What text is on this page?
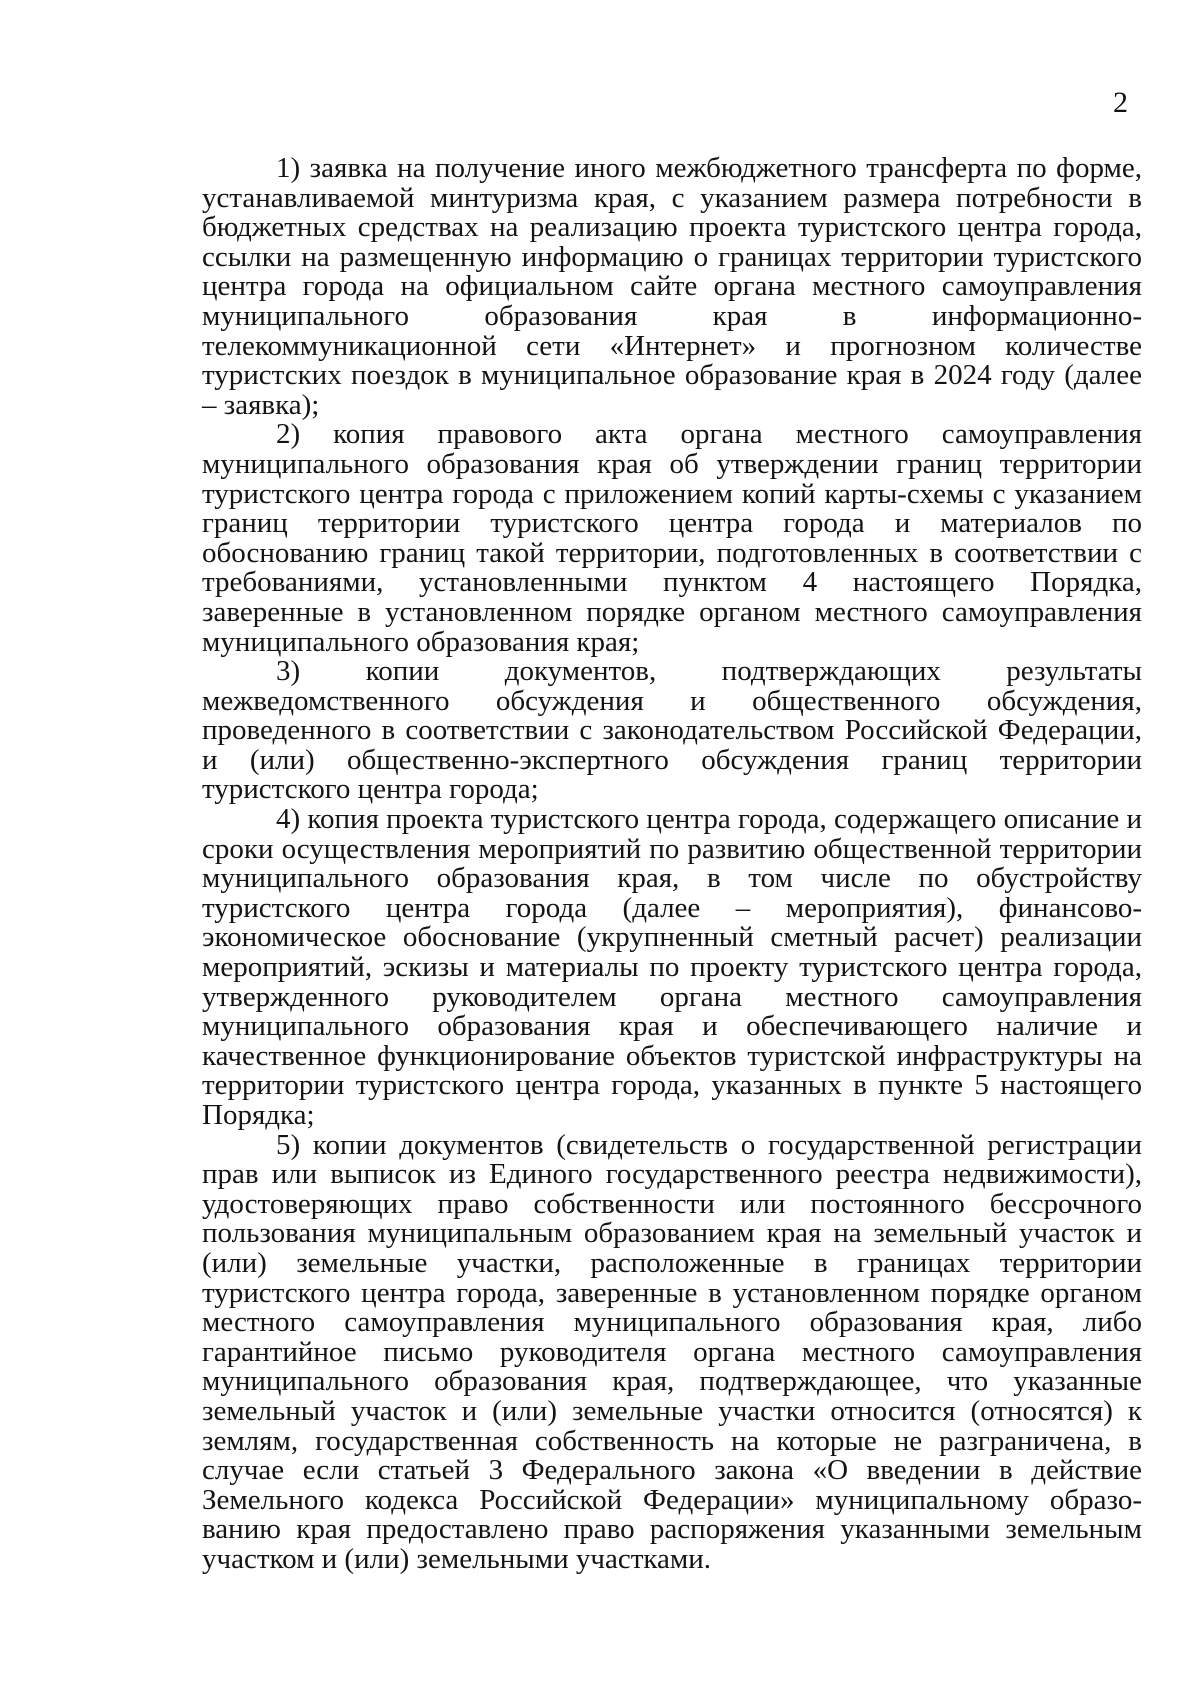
2

1) заявка на получение иного межбюджетного трансферта по форме, устанавливаемой минтуризма края, с указанием размера потребности в бюджетных средствах на реализацию проекта туристского центра города, ссылки на размещенную информацию о границах территории туристского центра города на официальном сайте органа местного самоуправления муниципального образования края в информационно-телекоммуникационной сети «Интернет» и прогнозном количестве туристских поездок в муниципальное образование края в 2024 году (далее – заявка);

2) копия правового акта органа местного самоуправления муниципального образования края об утверждении границ территории туристского центра города с приложением копий карты-схемы с указанием границ территории туристского центра города и материалов по обоснованию границ такой территории, подготовленных в соответствии с требованиями, установленными пунктом 4 настоящего Порядка, заверенные в установленном порядке органом местного самоуправления муниципального образования края;

3) копии документов, подтверждающих результаты межведомственного обсуждения и общественного обсуждения, проведенного в соответствии с законодательством Российской Федерации, и (или) общественно-экспертного обсуждения границ территории туристского центра города;

4) копия проекта туристского центра города, содержащего описание и сроки осуществления мероприятий по развитию общественной территории муниципального образования края, в том числе по обустройству туристского центра города (далее – мероприятия), финансово-экономическое обоснование (укрупненный сметный расчет) реализации мероприятий, эскизы и материалы по проекту туристского центра города, утвержденного руководителем органа местного самоуправления муниципального образования края и обеспечивающего наличие и качественное функционирование объектов туристской инфраструктуры на территории туристского центра города, указанных в пункте 5 настоящего Порядка;

5) копии документов (свидетельств о государственной регистрации прав или выписок из Единого государственного реестра недвижимости), удостоверяющих право собственности или постоянного бессрочного пользования муниципальным образованием края на земельный участок и (или) земельные участки, расположенные в границах территории туристского центра города, заверенные в установленном порядке органом местного самоуправления муниципального образования края, либо гарантийное письмо руководителя органа местного самоуправления муниципального образования края, подтверждающее, что указанные земельный участок и (или) земельные участки относится (относятся) к землям, государственная собственность на которые не разграничена, в случае если статьей 3 Федерального закона «О введении в действие Земельного кодекса Российской Федерации» муниципальному образованию края предоставлено право распоряжения указанными земельным участком и (или) земельными участками.
